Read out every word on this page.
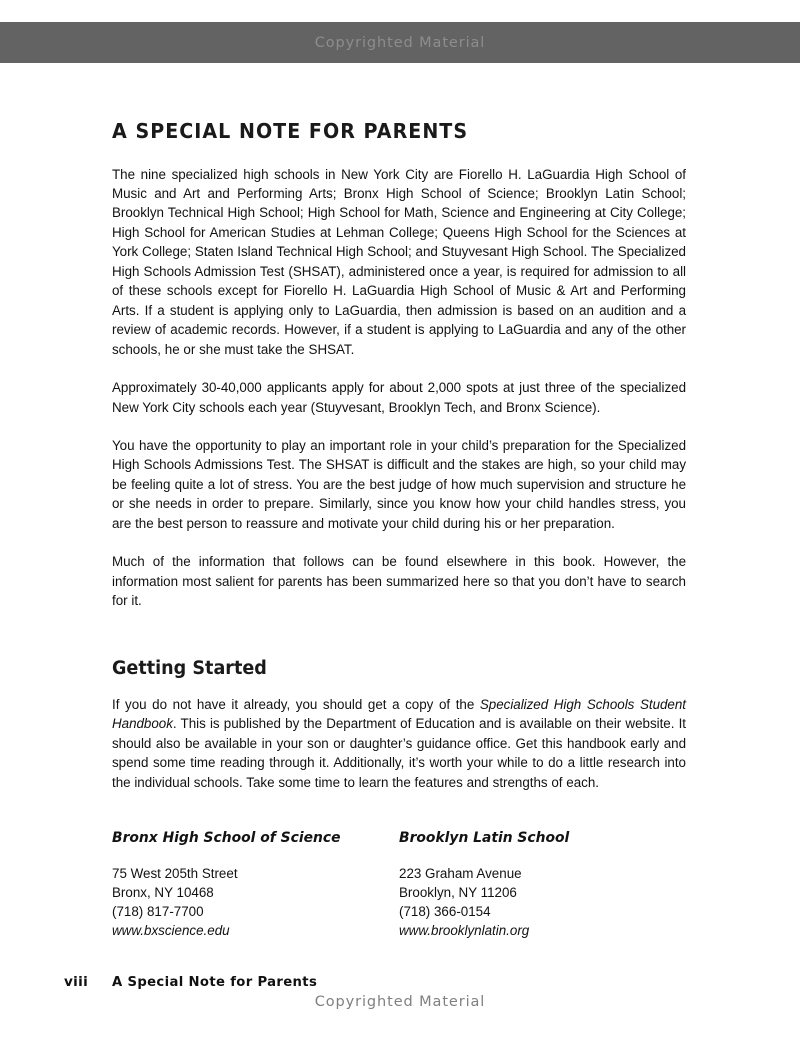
Copyrighted Material
A SPECIAL NOTE FOR PARENTS

The nine specialized high schools in New York City are Fiorello H. LaGuardia High School of Music and Art and Performing Arts; Bronx High School of Science; Brooklyn Latin School; Brooklyn Technical High School; High School for Math, Science and Engineering at City College; High School for American Studies at Lehman College; Queens High School for the Sciences at York College; Staten Island Technical High School; and Stuyvesant High School. The Specialized High Schools Admission Test (SHSAT), administered once a year, is required for admission to all of these schools except for Fiorello H. LaGuardia High School of Music & Art and Performing Arts. If a student is applying only to LaGuardia, then admission is based on an audition and a review of academic records. However, if a student is applying to LaGuardia and any of the other schools, he or she must take the SHSAT.

Approximately 30-40,000 applicants apply for about 2,000 spots at just three of the specialized New York City schools each year (Stuyvesant, Brooklyn Tech, and Bronx Science).

You have the opportunity to play an important role in your child’s preparation for the Specialized High Schools Admissions Test. The SHSAT is difficult and the stakes are high, so your child may be feeling quite a lot of stress. You are the best judge of how much supervision and structure he or she needs in order to prepare. Similarly, since you know how your child handles stress, you are the best person to reassure and motivate your child during his or her preparation.

Much of the information that follows can be found elsewhere in this book. However, the information most salient for parents has been summarized here so that you don’t have to search for it.

Getting Started

If you do not have it already, you should get a copy of the Specialized High Schools Student Handbook. This is published by the Department of Education and is available on their website. It should also be available in your son or daughter’s guidance office. Get this handbook early and spend some time reading through it. Additionally, it’s worth your while to do a little research into the individual schools. Take some time to learn the features and strengths of each.

Bronx High School of Science
75 West 205th Street
Bronx, NY 10468
(718) 817-7700
www.bxscience.edu
Brooklyn Latin School
223 Graham Avenue
Brooklyn, NY 11206
(718) 366-0154
www.brooklynlatin.org
viii	A Special Note for Parents
Copyrighted Material
